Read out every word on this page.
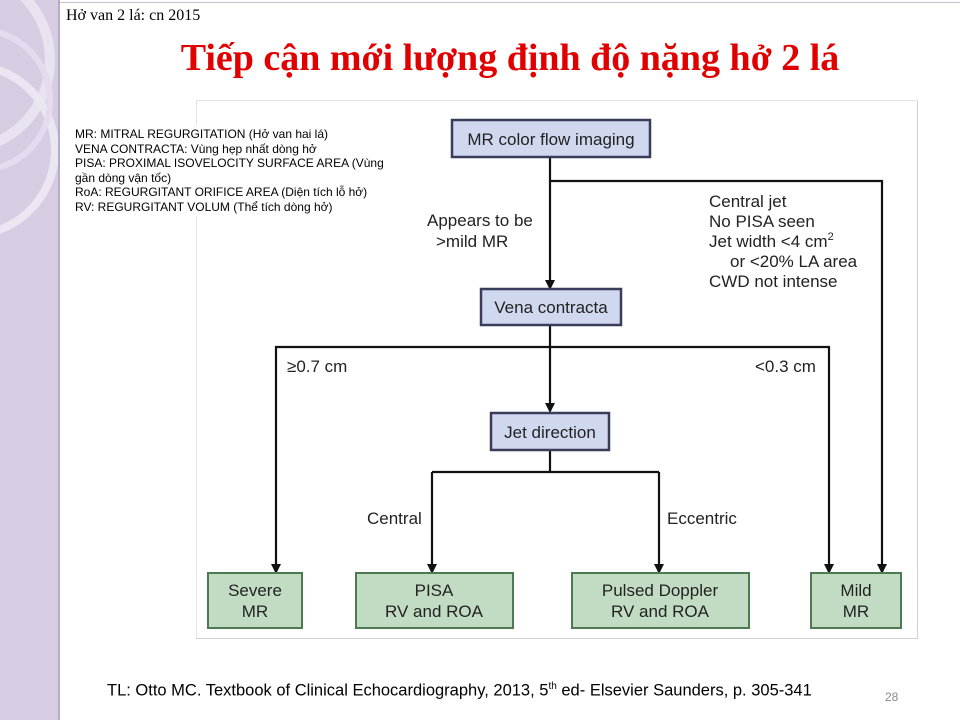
Hở van 2 lá: cn 2015
Tiếp cận mới lượng định độ nặng hở 2 lá
MR color flow imaging
Vena contracta
Jet direction
Severe
MR
PISA
RV and ROA
Pulsed Doppler
RV and ROA
Mild
MR
Appears to be
>mild MR
Central jet
No PISA seen
Jet width <4 $cm^2$
or <20% LA area
CWD not intense
≥0.7 cm	<0.3 cm
Central	Eccentric
MR: MITRAL REGURGITATION (Hở van hai lá)
VENA CONTRACTA: Vùng hẹp nhất dòng hở
PISA: PROXIMAL ISOVELOCITY SURFACE AREA (Vùng gần dòng vận tốc)
RoA: REGURGITANT ORIFICE AREA (Diện tích lỗ hở)
RV: REGURGITANT VOLUM (Thể tích dòng hở)
TL: Otto MC. Textbook of Clinical Echocardiography, 2013, 5th ed- Elsevier Saunders, p. 305-341	28
